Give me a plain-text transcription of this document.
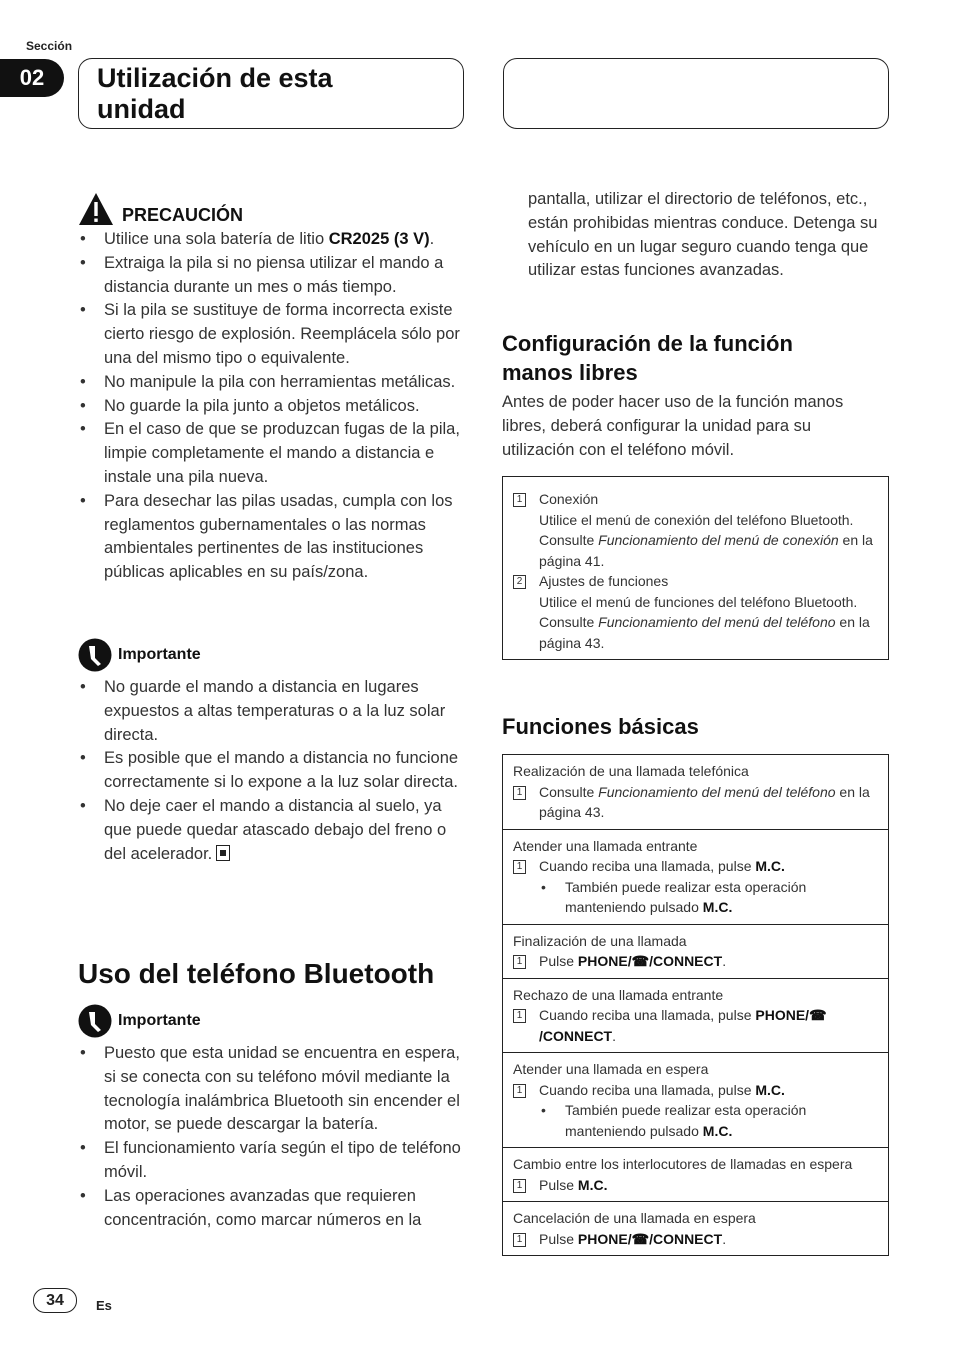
Sección
02	Utilización de esta
unidad
PRECAUCIÓN
• Utilice una sola batería de litio CR2025 (3 V).
• Extraiga la pila si no piensa utilizar el mando a distancia durante un mes o más tiempo.
• Si la pila se sustituye de forma incorrecta existe cierto riesgo de explosión. Reemplácela sólo por una del mismo tipo o equivalente.
• No manipule la pila con herramientas metálicas.
• No guarde la pila junto a objetos metálicos.
• En el caso de que se produzcan fugas de la pila, limpie completamente el mando a distancia e instale una pila nueva.
• Para desechar las pilas usadas, cumpla con los reglamentos gubernamentales o las normas ambientales pertinentes de las instituciones públicas aplicables en su país/zona.
Importante
• No guarde el mando a distancia en lugares expuestos a altas temperaturas o a la luz solar directa.
• Es posible que el mando a distancia no funcione correctamente si lo expone a la luz solar directa.
• No deje caer el mando a distancia al suelo, ya que puede quedar atascado debajo del freno o del acelerador.
Uso del teléfono Bluetooth
Importante
• Puesto que esta unidad se encuentra en espera, si se conecta con su teléfono móvil mediante la tecnología inalámbrica Bluetooth sin encender el motor, se puede descargar la batería.
• El funcionamiento varía según el tipo de teléfono móvil.
• Las operaciones avanzadas que requieren concentración, como marcar números en la
pantalla, utilizar el directorio de teléfonos, etc., están prohibidas mientras conduce. Detenga su vehículo en un lugar seguro cuando tenga que utilizar estas funciones avanzadas.
Configuración de la función
manos libres
Antes de poder hacer uso de la función manos libres, deberá configurar la unidad para su utilización con el teléfono móvil.
1 Conexión
Utilice el menú de conexión del teléfono Bluetooth. Consulte Funcionamiento del menú de conexión en la página 41.
2 Ajustes de funciones
Utilice el menú de funciones del teléfono Bluetooth. Consulte Funcionamiento del menú del teléfono en la página 43.
Funciones básicas
Realización de una llamada telefónica
1 Consulte Funcionamiento del menú del teléfono en la página 43.
Atender una llamada entrante
1 Cuando reciba una llamada, pulse M.C.
• También puede realizar esta operación manteniendo pulsado M.C.
Finalización de una llamada
1 Pulse PHONE/☎/CONNECT.
Rechazo de una llamada entrante
1 Cuando reciba una llamada, pulse PHONE/☎
/CONNECT.
Atender una llamada en espera
1 Cuando reciba una llamada, pulse M.C.
• También puede realizar esta operación manteniendo pulsado M.C.
Cambio entre los interlocutores de llamadas en espera
1 Pulse M.C.
Cancelación de una llamada en espera
1 Pulse PHONE/☎/CONNECT.
34	Es
